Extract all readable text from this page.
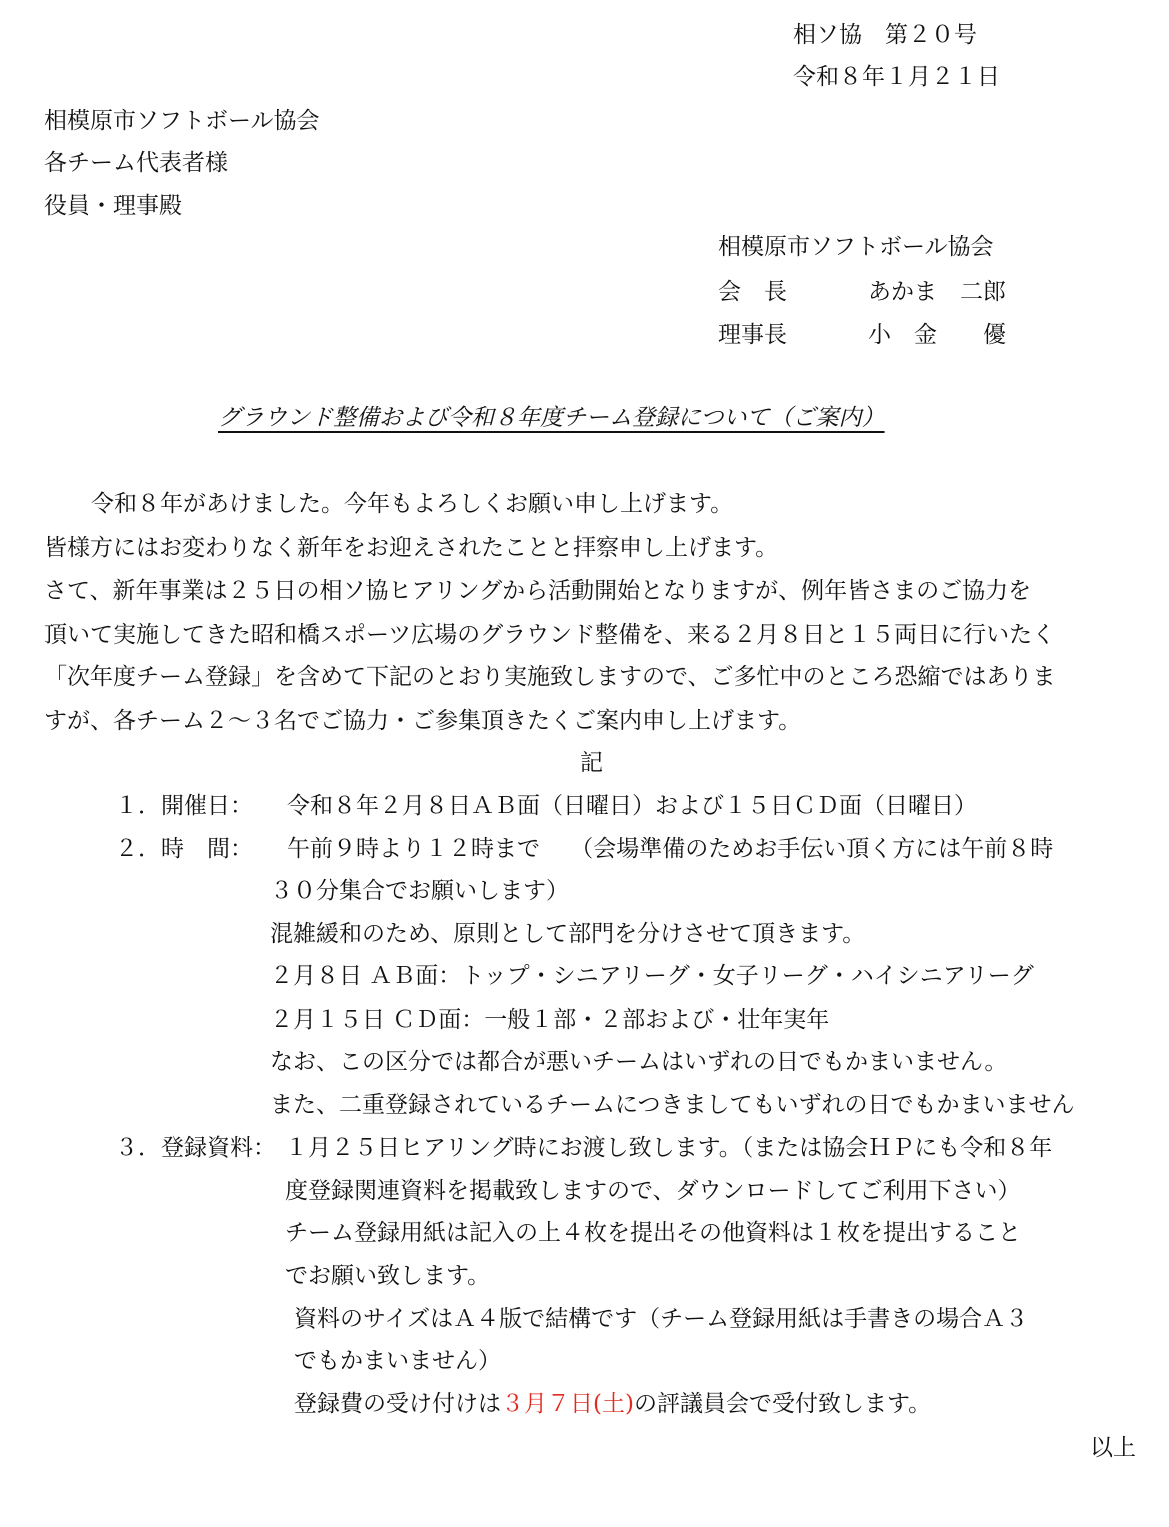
相ソ協　第２０号
令和８年１月２１日
相模原市ソフトボール協会
各チーム代表者様
役員・理事殿
相模原市ソフトボール協会
会　長	あかま　二郎
理事長	小　金　　優
グラウンド整備および令和８年度チーム登録について（ご案内）
　令和８年があけました。今年もよろしくお願い申し上げます。
皆様方にはお変わりなく新年をお迎えされたことと拝察申し上げます。
さて、新年事業は２５日の相ソ協ヒアリングから活動開始となりますが、例年皆さまのご協力を
頂いて実施してきた昭和橋スポーツ広場のグラウンド整備を、来る２月８日と１５両日に行いたく
「次年度チーム登録」を含めて下記のとおり実施致しますので、ご多忙中のところ恐縮ではありま
すが、各チーム２～３名でご協力・ご参集頂きたくご案内申し上げます。
記
１．開催日： 令和８年２月８日ＡＢ面（日曜日）および１５日ＣＤ面（日曜日）
２．時　間： 午前９時より１２時まで　 （会場準備のためお手伝い頂く方には午前８時
３０分集合でお願いします）
混雑緩和のため、原則として部門を分けさせて頂きます。
２月８日 ＡＢ面：トップ・シニアリーグ・女子リーグ・ハイシニアリーグ
２月１５日 ＣＤ面：一般１部・２部および・壮年実年
なお、この区分では都合が悪いチームはいずれの日でもかまいません。
また、二重登録されているチームにつきましてもいずれの日でもかまいません
３．登録資料： １月２５日ヒアリング時にお渡し致します。（または協会ＨＰにも令和８年
度登録関連資料を掲載致しますので、ダウンロードしてご利用下さい）
チーム登録用紙は記入の上４枚を提出その他資料は１枚を提出すること
でお願い致します。
資料のサイズはＡ４版で結構です（チーム登録用紙は手書きの場合Ａ３
でもかまいません）
登録費の受け付けは３月７日(土)の評議員会で受付致します。
以上
